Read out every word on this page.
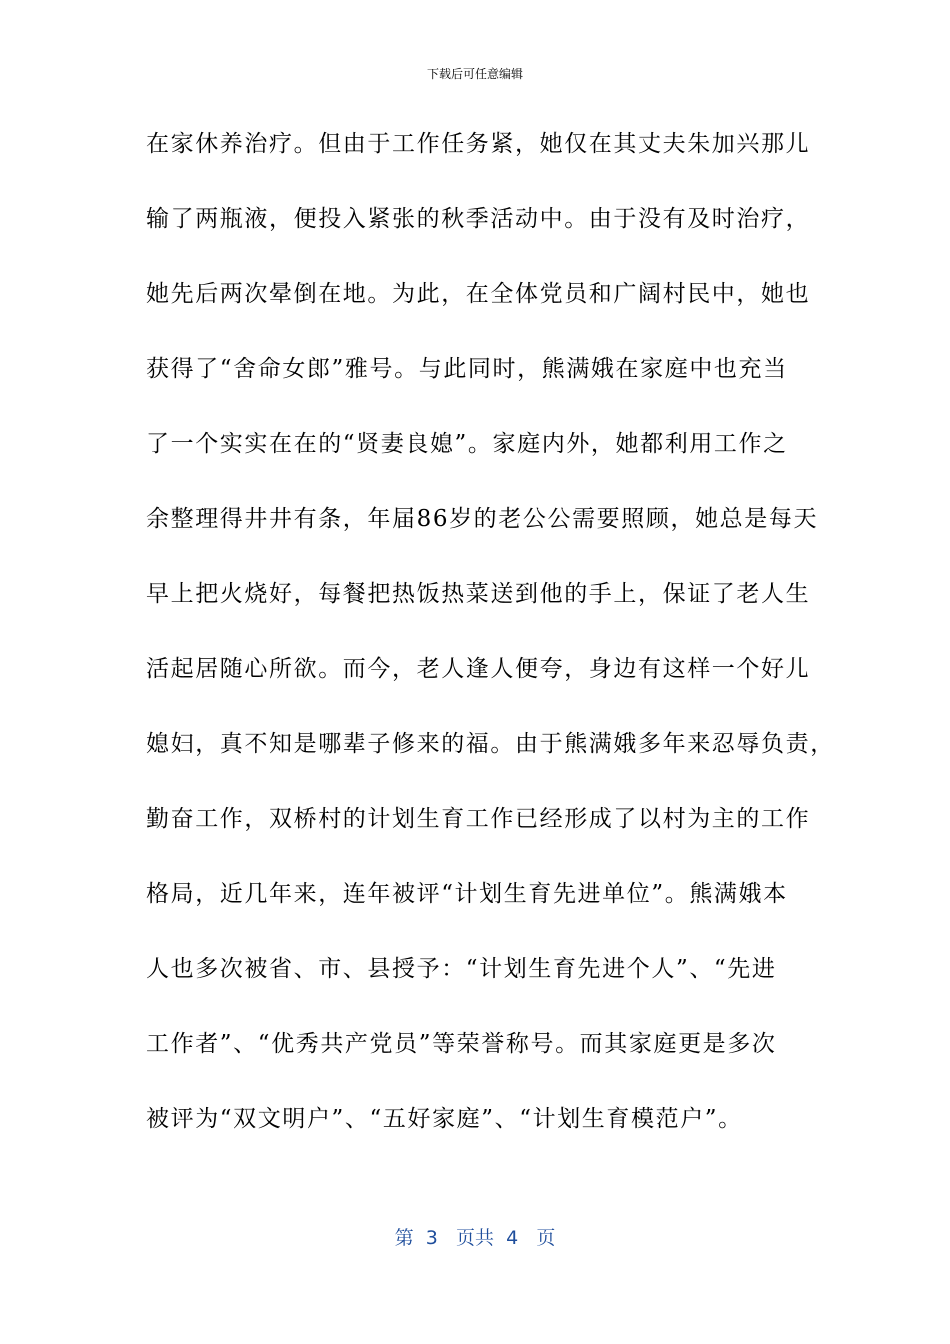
下载后可任意编辑
在家休养治疗。但由于工作任务紧，她仅在其丈夫朱加兴那儿
输了两瓶液，便投入紧张的秋季活动中。由于没有及时治疗，
她先后两次晕倒在地。为此，在全体党员和广阔村民中，她也
获得了“舍命女郎”雅号。与此同时，熊满娥在家庭中也充当
了一个实实在在的“贤妻良媳”。家庭内外，她都利用工作之
余整理得井井有条，年届86岁的老公公需要照顾，她总是每天
早上把火烧好，每餐把热饭热菜送到他的手上，保证了老人生
活起居随心所欲。而今，老人逢人便夸，身边有这样一个好儿
媳妇，真不知是哪辈子修来的福。由于熊满娥多年来忍辱负责，
勤奋工作，双桥村的计划生育工作已经形成了以村为主的工作
格局，近几年来，连年被评“计划生育先进单位”。熊满娥本
人也多次被省、市、县授予：“计划生育先进个人”、“先进
工作者”、“优秀共产党员”等荣誉称号。而其家庭更是多次
被评为“双文明户”、“五好家庭”、“计划生育模范户”。
第 3 页共 4 页
